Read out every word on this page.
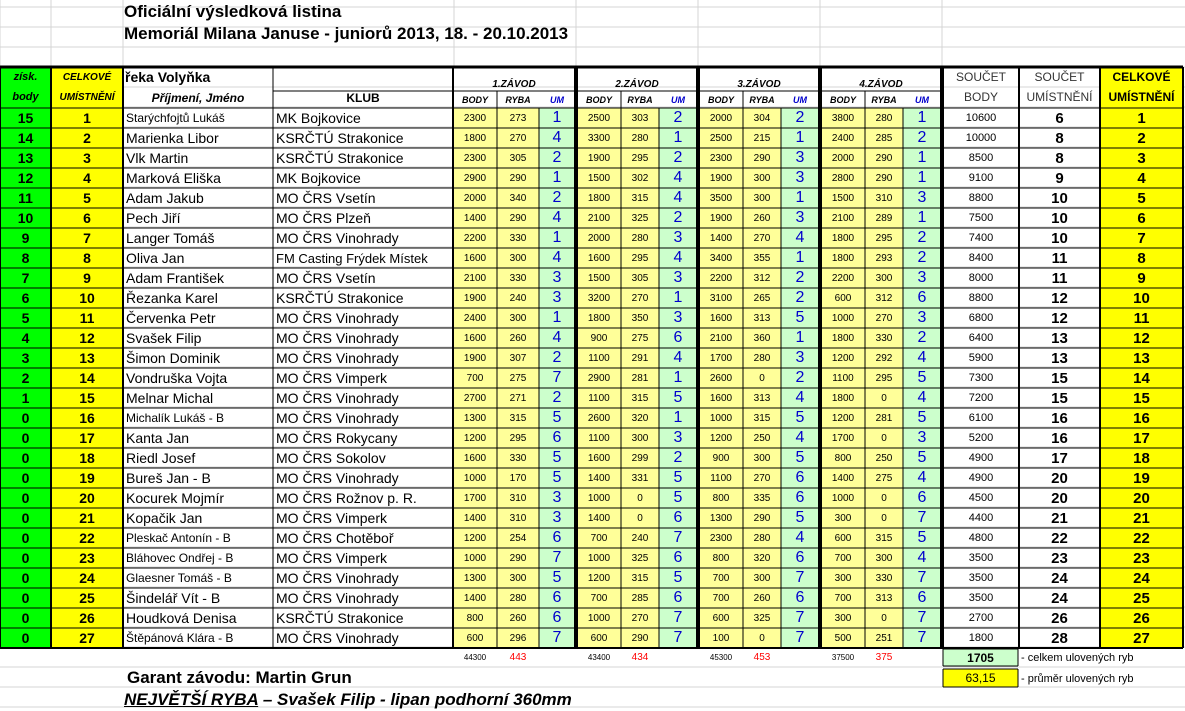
získ.
body
CELKOVÉ
UMÍSTNĚNÍ
řeka Volyňka
Příjmení, Jméno	KLUB
1.ZÁVOD
BODY	RYBA	UM
2.ZÁVOD
BODY	RYBA	UM
3.ZÁVOD
BODY	RYBA	UM
4.ZÁVOD
BODY	RYBA	UM
SOUČET
BODY
SOUČET
UMÍSTNĚNÍ
CELKOVÉ
UMÍSTNĚNÍ
15	1	Starýchfojtů Lukáš	MK Bojkovice	2300	273	1	2500	303	2	2000	304	2	3800	280	1	10600	6	1
14	2	Marienka Libor	KSRČTÚ Strakonice	1800	270	4	3300	280	1	2500	215	1	2400	285	2	10000	8	2
13	3	Vlk Martin	KSRČTÚ Strakonice	2300	305	2	1900	295	2	2300	290	3	2000	290	1	8500	8	3
12	4	Marková Eliška	MK Bojkovice	2900	290	1	1500	302	4	1900	300	3	2800	290	1	9100	9	4
11	5	Adam Jakub	MO ČRS Vsetín	2000	340	2	1800	315	4	3500	300	1	1500	310	3	8800	10	5
10	6	Pech Jiří	MO ČRS Plzeň	1400	290	4	2100	325	2	1900	260	3	2100	289	1	7500	10	6
9	7	Langer Tomáš	MO ČRS Vinohrady	2200	330	1	2000	280	3	1400	270	4	1800	295	2	7400	10	7
8	8	Oliva Jan	FM Casting Frýdek Místek	1600	300	4	1600	295	4	3400	355	1	1800	293	2	8400	11	8
7	9	Adam František	MO ČRS Vsetín	2100	330	3	1500	305	3	2200	312	2	2200	300	3	8000	11	9
6	10	Řezanka Karel	KSRČTÚ Strakonice	1900	240	3	3200	270	1	3100	265	2	600	312	6	8800	12	10
5	11	Červenka Petr	MO ČRS Vinohrady	2400	300	1	1800	350	3	1600	313	5	1000	270	3	6800	12	11
4	12	Svašek Filip	MO ČRS Vinohrady	1600	260	4	900	275	6	2100	360	1	1800	330	2	6400	13	12
3	13	Šimon Dominik	MO ČRS Vinohrady	1900	307	2	1100	291	4	1700	280	3	1200	292	4	5900	13	13
2	14	Vondruška Vojta	MO ČRS Vimperk	700	275	7	2900	281	1	2600	0	2	1100	295	5	7300	15	14
1	15	Melnar Michal	MO ČRS Vinohrady	2700	271	2	1100	315	5	1600	313	4	1800	0	4	7200	15	15
0	16	Michalík Lukáš - B	MO ČRS Vinohrady	1300	315	5	2600	320	1	1000	315	5	1200	281	5	6100	16	16
0	17	Kanta Jan	MO ČRS Rokycany	1200	295	6	1100	300	3	1200	250	4	1700	0	3	5200	16	17
0	18	Riedl Josef	MO ČRS Sokolov	1600	330	5	1600	299	2	900	300	5	800	250	5	4900	17	18
0	19	Bureš Jan - B	MO ČRS Vinohrady	1000	170	5	1400	331	5	1100	270	6	1400	275	4	4900	20	19
0	20	Kocurek Mojmír	MO ČRS Rožnov p. R.	1700	310	3	1000	0	5	800	335	6	1000	0	6	4500	20	20
0	21	Kopačik Jan	MO ČRS Vimperk	1400	310	3	1400	0	6	1300	290	5	300	0	7	4400	21	21
0	22	Pleskač Antonín - B	MO ČRS Chotěboř	1200	254	6	700	240	7	2300	280	4	600	315	5	4800	22	22
0	23	Bláhovec Ondřej - B	MO ČRS Vimperk	1000	290	7	1000	325	6	800	320	6	700	300	4	3500	23	23
0	24	Glaesner Tomáš - B	MO ČRS Vinohrady	1300	300	5	1200	315	5	700	300	7	300	330	7	3500	24	24
0	25	Šindelář Vít - B	MO ČRS Vinohrady	1400	280	6	700	285	6	700	260	6	700	313	6	3500	24	25
0	26	Houdková Denisa	KSRČTÚ Strakonice	800	260	6	1000	270	7	600	325	7	300	0	7	2700	26	26
0	27	Štěpánová Klára - B	MO ČRS Vinohrady	600	296	7	600	290	7	100	0	7	500	251	7	1800	28	27
44300	443	43400	434	45300	453	37500	375	1705
63,15
- celkem ulovených ryb
- průměr ulovených ryb
Oficiální výsledková listina
Memoriál Milana Januse - juniorů 2013, 18. - 20.10.2013
Garant závodu: Martin Grun
NEJVĚTŠÍ RYBA – Svašek Filip - lipan podhorní 360mm
